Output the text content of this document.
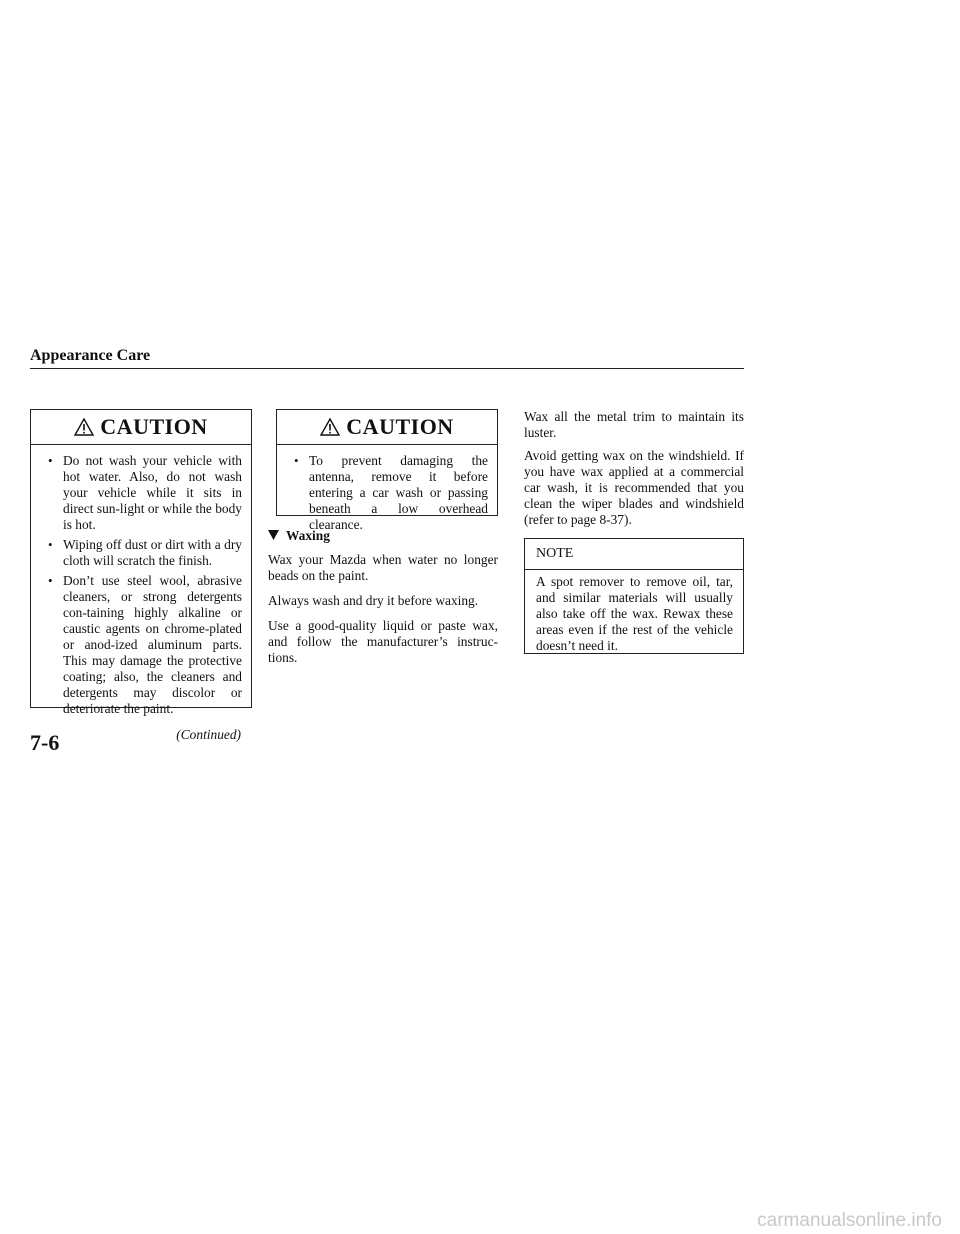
Appearance Care
CAUTION
• Do not wash your vehicle with hot water. Also, do not wash your vehicle while it sits in direct sun-light or while the body is hot.
• Wiping off dust or dirt with a dry cloth will scratch the finish.
• Don’t use steel wool, abrasive cleaners, or strong detergents con-taining highly alkaline or caustic agents on chrome-plated or anod-ized aluminum parts. This may damage the protective coating; also, the cleaners and detergents may discolor or deteriorate the paint.
(Continued)
CAUTION
• To prevent damaging the antenna, remove it before entering a car wash or passing beneath a low overhead clearance.
Waxing

Wax your Mazda when water no longer beads on the paint.

Always wash and dry it before waxing.

Use a good-quality liquid or paste wax, and follow the manufacturer’s instruc-tions.

Wax all the metal trim to maintain its luster.

Avoid getting wax on the windshield. If you have wax applied at a commercial car wash, it is recommended that you clean the wiper blades and windshield (refer to page 8-37).

NOTE

A spot remover to remove oil, tar, and similar materials will usually also take off the wax. Rewax these areas even if the rest of the vehicle doesn’t need it.

7-6
carmanualsonline.info
